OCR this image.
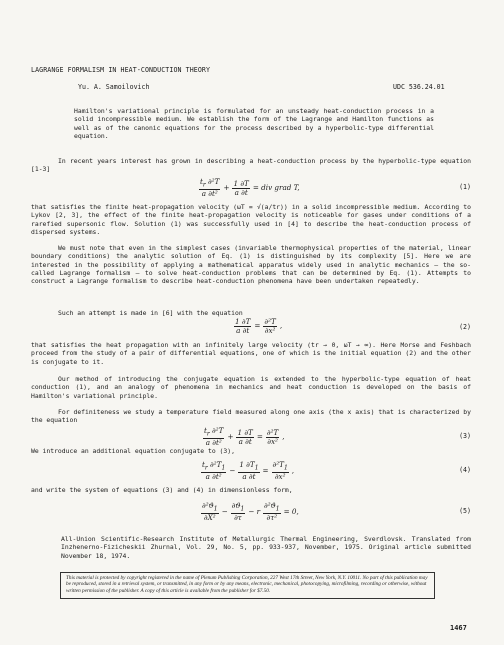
LAGRANGE FORMALISM IN HEAT-CONDUCTION THEORY
Yu. A. Samoilovich	UDC 536.24.01
Hamilton's variational principle is formulated for an unsteady heat-conduction process in a solid incompressible medium. We establish the form of the Lagrange and Hamilton functions as well as of the canonic equations for the process described by a hyperbolic-type differential equation.
In recent years interest has grown in describing a heat-conduction process by the hyperbolic-type equation [1-3]
$\frac{t_r \partial^2T}{\text{a ∂t²}} + \frac{1 \partial T}{a \partial t}$ = div grad T,	(1)
that satisfies the finite heat-propagation velocity (ωT = √(a/tr)) in a solid incompressible medium. According to Lykov [2, 3], the effect of the finite heat-propagation velocity is noticeable for gases under conditions of a rarefied supersonic flow. Solution (1) was successfully used in [4] to describe the heat-conduction process of dispersed systems.
We must note that even in the simplest cases (invariable thermophysical properties of the material, linear boundary conditions) the analytic solution of Eq. (1) is distinguished by its complexity [5]. Here we are interested in the possibility of applying a mathematical apparatus widely used in analytic mechanics — the so-called Lagrange formalism — to solve heat-conduction problems that can be determined by Eq. (1). Attempts to construct a Lagrange formalism to describe heat-conduction phenomena have been undertaken repeatedly.
Such an attempt is made in [6] with the equation
$\frac{1 \partial T}{a \partial t} = \frac{\text{∂²T}}{\text{∂x²}}$ ,	(2)
that satisfies the heat propagation with an infinitely large velocity (tr → 0, ωT → ∞). Here Morse and Feshbach proceed from the study of a pair of differential equations, one of which is the initial equation (2) and the other is conjugate to it.
Our method of introducing the conjugate equation is extended to the hyperbolic-type equation of heat conduction (1), and an analogy of phenomena in mechanics and heat conduction is developed on the basis of Hamilton's variational principle.
For definiteness we study a temperature field measured along one axis (the x axis) that is characterized by the equation
$\frac{t_r \partial^2T}{\text{a ∂t²}} + \frac{1 \partial T}{a \partial t} = \frac{\text{∂²T}}{\text{∂x²}}$ ,	(3)
We introduce an additional equation conjugate to (3),
$\frac{t_r \partial^2T_1}{\text{a ∂t²}} - \frac{1 \partial T_1}{a \partial t} = \frac{\partial^2T_1}{\text{∂x²}}$ ,	(4)
and write the system of equations (3) and (4) in dimensionless form,
$\frac{\partial^2ϑ_1}{\text{∂X²}} - \frac{\partial ϑ_1}{\partial\tau} - r \frac{\partial^2ϑ_1}{\text{∂τ²}} = 0$,	(5)
All-Union Scientific-Research Institute of Metallurgic Thermal Engineering, Sverdlovsk. Translated from Inzhenerno-Fizicheskii Zhurnal, Vol. 29, No. 5, pp. 933-937, November, 1975. Original article submitted November 18, 1974.
This material is protected by copyright registered in the name of Plenum Publishing Corporation, 227 West 17th Street, New York, N.Y. 10011. No part of this publication may be reproduced, stored in a retrieval system, or transmitted, in any form or by any means, electronic, mechanical, photocopying, microfilming, recording or otherwise, without written permission of the publisher. A copy of this article is available from the publisher for $7.50.
1467
